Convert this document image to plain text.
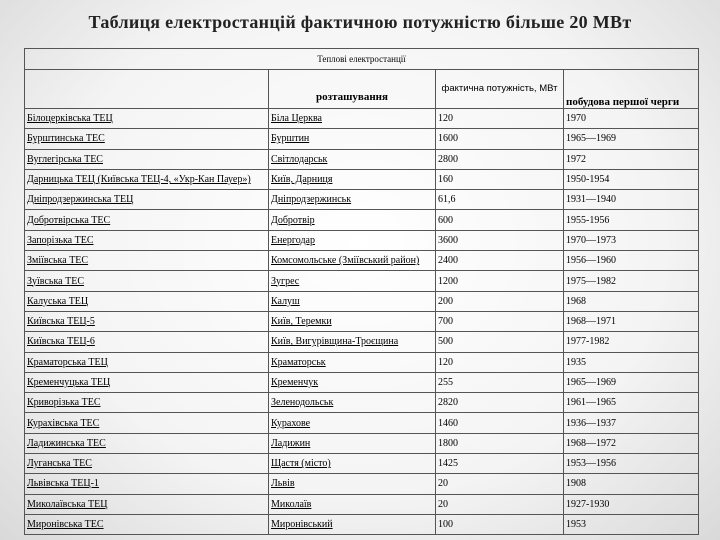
Таблиця електростанцій фактичною потужністю більше 20 МВт
Теплові електростанції			
	розташування	фактична потужність, МВт	побудова першої черги
Білоцерківська ТЕЦ	Біла Церква	120	1970
Бурштинська ТЕС	Бурштин	1600	1965—1969
Вуглегірська ТЕС	Світлодарськ	2800	1972
Дарницька ТЕЦ (Київська ТЕЦ-4, «Укр-Кан Пауер»)	Київ, Дарниця	160	1950-1954
Дніпродзержинська ТЕЦ	Дніпродзержинськ	61,6	1931—1940
Добротвірська ТЕС	Добротвір	600	1955-1956
Запорізька ТЕС	Енергодар	3600	1970—1973
Зміївська ТЕС	Комсомольське (Зміївський район)	2400	1956—1960
Зуївська ТЕС	Зугрес	1200	1975—1982
Калуська ТЕЦ	Калуш	200	1968
Київська ТЕЦ-5	Київ, Теремки	700	1968—1971
Київська ТЕЦ-6	Київ, Вигурівщина-Троєщина	500	1977-1982
Краматорська ТЕЦ	Краматорськ	120	1935
Кременчуцька ТЕЦ	Кременчук	255	1965—1969
Криворізька ТЕС	Зеленодольськ	2820	1961—1965
Курахівська ТЕС	Курахове	1460	1936—1937
Ладижинська ТЕС	Ладижин	1800	1968—1972
Луганська ТЕС	Щастя (місто)	1425	1953—1956
Львівська ТЕЦ-1	Львів	20	1908
Миколаївська ТЕЦ	Миколаїв	20	1927-1930
Миронівська ТЕС	Миронівський	100	1953
